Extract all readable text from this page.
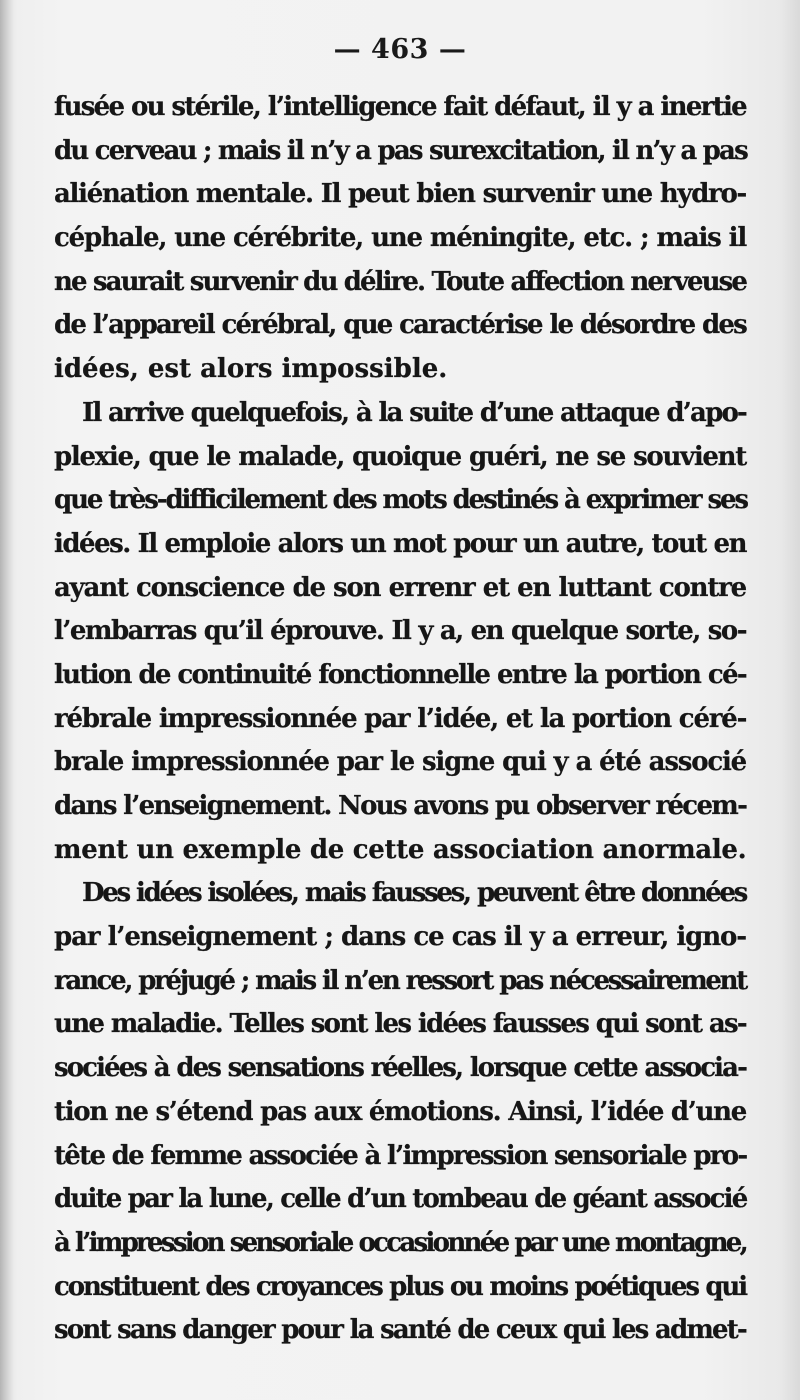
— 463 —
fusée ou stérile, l’intelligence fait défaut, il y a inertie
du cerveau ; mais il n’y a pas surexcitation, il n’y a pas
aliénation mentale. Il peut bien survenir une hydro-
céphale, une cérébrite, une méningite, etc. ; mais il
ne saurait survenir du délire. Toute affection nerveuse
de l’appareil cérébral, que caractérise le désordre des
idées, est alors impossible.
Il arrive quelquefois, à la suite d’une attaque d’apo-
plexie, que le malade, quoique guéri, ne se souvient
que très-difficilement des mots destinés à exprimer ses
idées. Il emploie alors un mot pour un autre, tout en
ayant conscience de son errenr et en luttant contre
l’embarras qu’il éprouve. Il y a, en quelque sorte, so-
lution de continuité fonctionnelle entre la portion cé-
rébrale impressionnée par l’idée, et la portion céré-
brale impressionnée par le signe qui y a été associé
dans l’enseignement. Nous avons pu observer récem-
ment un exemple de cette association anormale.
Des idées isolées, mais fausses, peuvent être données
par l’enseignement ; dans ce cas il y a erreur, igno-
rance, préjugé ; mais il n’en ressort pas nécessairement
une maladie. Telles sont les idées fausses qui sont as-
sociées à des sensations réelles, lorsque cette associa-
tion ne s’étend pas aux émotions. Ainsi, l’idée d’une
tête de femme associée à l’impression sensoriale pro-
duite par la lune, celle d’un tombeau de géant associé
à l’impression sensoriale occasionnée par une montagne,
constituent des croyances plus ou moins poétiques qui
sont sans danger pour la santé de ceux qui les admet-
